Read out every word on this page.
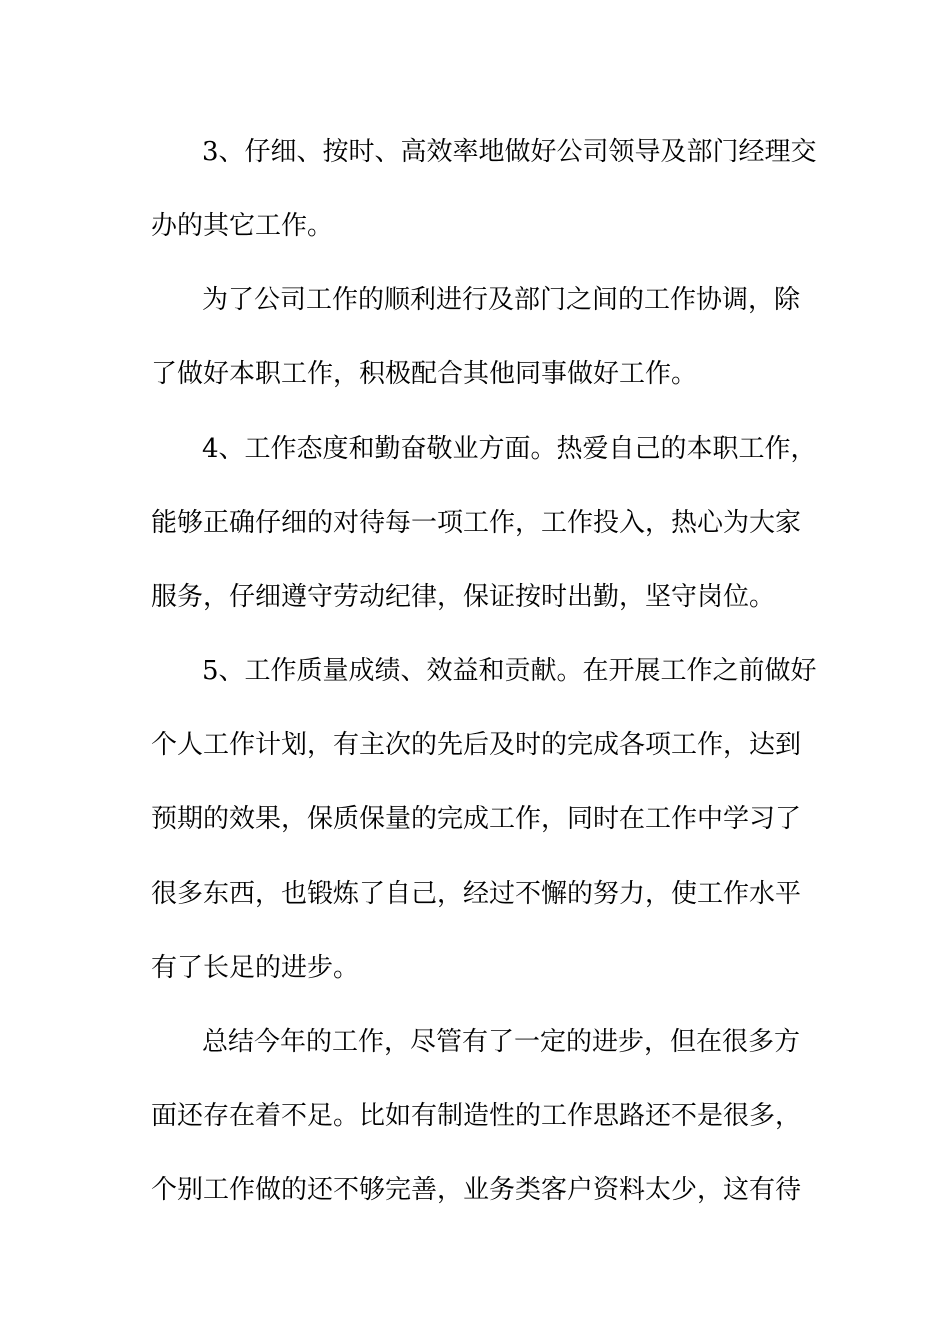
3、仔细、按时、高效率地做好公司领导及部门经理交
办的其它工作。
为了公司工作的顺利进行及部门之间的工作协调，除
了做好本职工作，积极配合其他同事做好工作。
4、工作态度和勤奋敬业方面。热爱自己的本职工作，
能够正确仔细的对待每一项工作，工作投入，热心为大家
服务，仔细遵守劳动纪律，保证按时出勤，坚守岗位。
5、工作质量成绩、效益和贡献。在开展工作之前做好
个人工作计划，有主次的先后及时的完成各项工作，达到
预期的效果，保质保量的完成工作，同时在工作中学习了
很多东西，也锻炼了自己，经过不懈的努力，使工作水平
有了长足的进步。
总结今年的工作，尽管有了一定的进步，但在很多方
面还存在着不足。比如有制造性的工作思路还不是很多，
个别工作做的还不够完善，业务类客户资料太少，这有待
